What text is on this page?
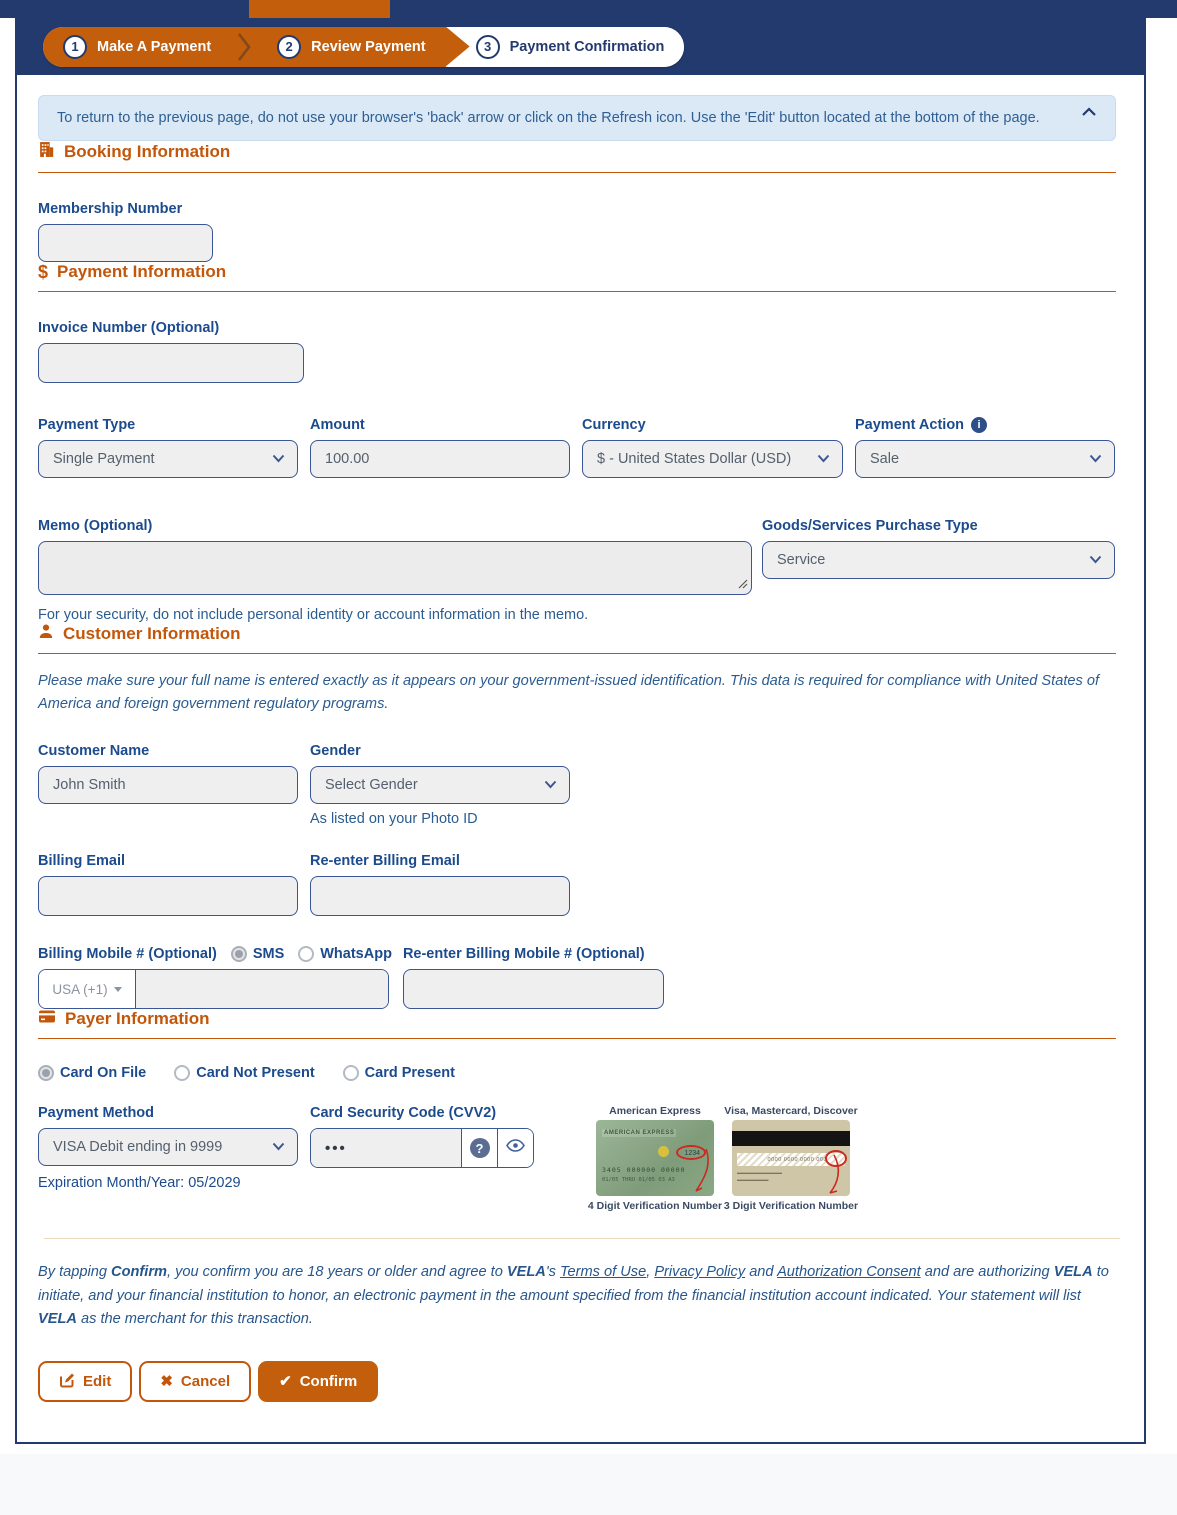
1	Make A Payment	2	Review Payment	3	Payment Confirmation
To return to the previous page, do not use your browser's 'back' arrow or click on the Refresh icon. Use the 'Edit' button located at the bottom of the page.
Booking Information
Membership Number
$ Payment Information
Invoice Number (Optional)
Payment Type
Single Payment
Amount
100.00	Currency
$ - United States Dollar (USD)
Payment Action	i
Sale
Memo (Optional)
For your security, do not include personal identity or account information in the memo.
Goods/Services Purchase Type
Service
Customer Information

Please make sure your full name is entered exactly as it appears on your government-issued identification. This data is required for compliance with United States of America and foreign government regulatory programs.

Customer Name
John Smith	Gender
Select Gender
As listed on your Photo ID
Billing Email	Re-enter Billing Email
Billing Mobile # (Optional) SMS WhatsApp
USA (+1)
Re-enter Billing Mobile # (Optional)
Payer Information
Card On File	Card Not Present	Card Present
Payment Method
VISA Debit ending in 9999
Expiration Month/Year: 05/2029
Card Security Code (CVV2)
•••	?
American Express
AMERICAN EXPRESS
1234
3405 000000 00000
01/05 THRU 01/05 03 A3
4 Digit Verification Number
Visa, Mastercard, Discover
0000 0000 0000 000
▬▬▬▬▬▬▬▬▬▬
▬▬▬▬▬▬▬
3 Digit Verification Number

By tapping Confirm, you confirm you are 18 years or older and agree to VELA's Terms of Use, Privacy Policy and Authorization Consent and are authorizing VELA to initiate, and your financial institution to honor, an electronic payment in the amount specified from the financial institution account indicated. Your statement will list VELA as the merchant for this transaction.

Edit	✖ Cancel	✔ Confirm
